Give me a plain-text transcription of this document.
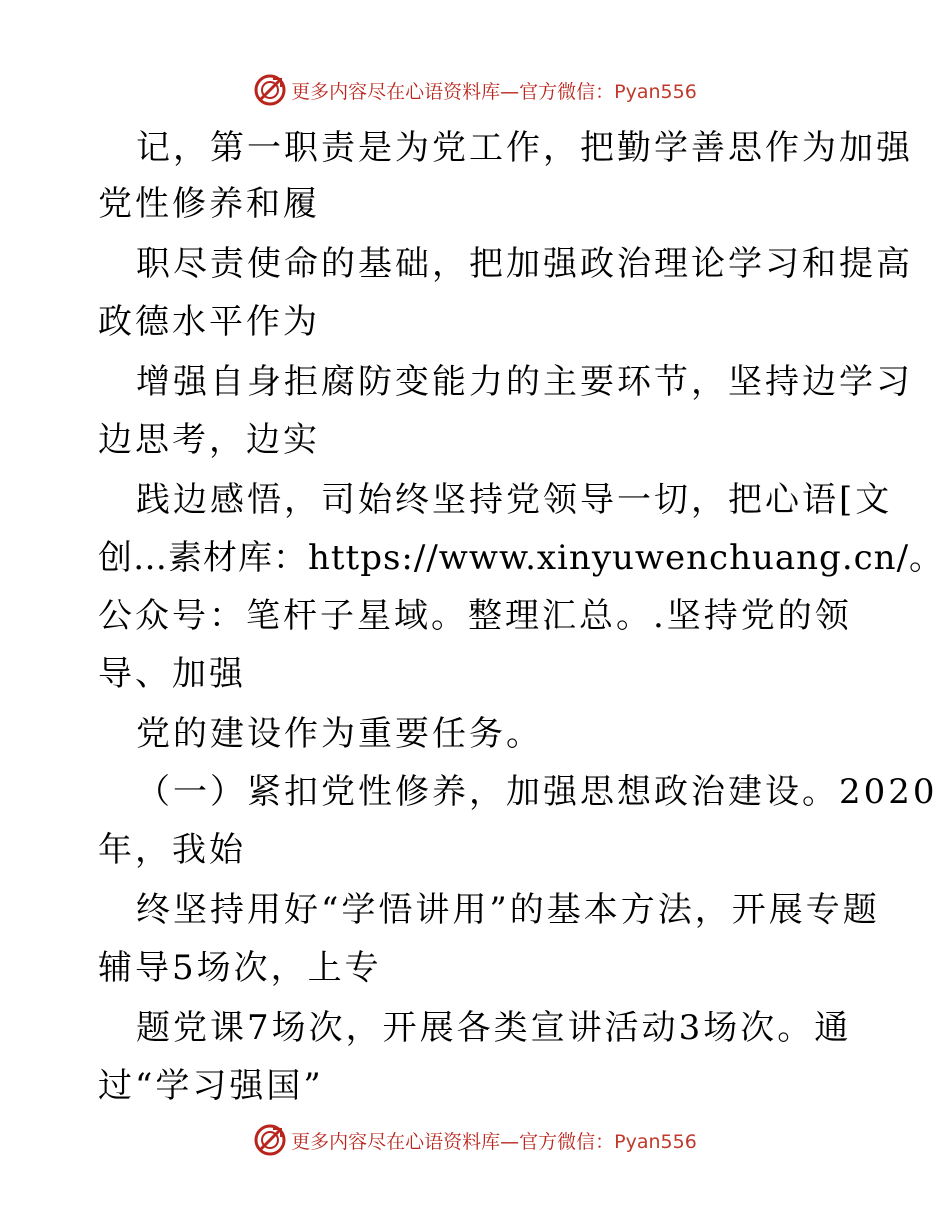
更多内容尽在心语资料库—官方微信：Pyan556
记，第一职责是为党工作，把勤学善思作为加强
党性修养和履
职尽责使命的基础，把加强政治理论学习和提高
政德水平作为
增强自身拒腐防变能力的主要环节，坚持边学习
边思考，边实
践边感悟，司始终坚持党领导一切，把心语[文
创…素材库：https://www.xinyuwenchuang.cn/。
公众号：笔杆子星域。整理汇总。.坚持党的领
导、加强
党的建设作为重要任务。
（一）紧扣党性修养，加强思想政治建设。2020
年，我始
终坚持用好“学悟讲用”的基本方法，开展专题
辅导5场次，上专
题党课7场次，开展各类宣讲活动3场次。通
过“学习强国”
更多内容尽在心语资料库—官方微信：Pyan556
